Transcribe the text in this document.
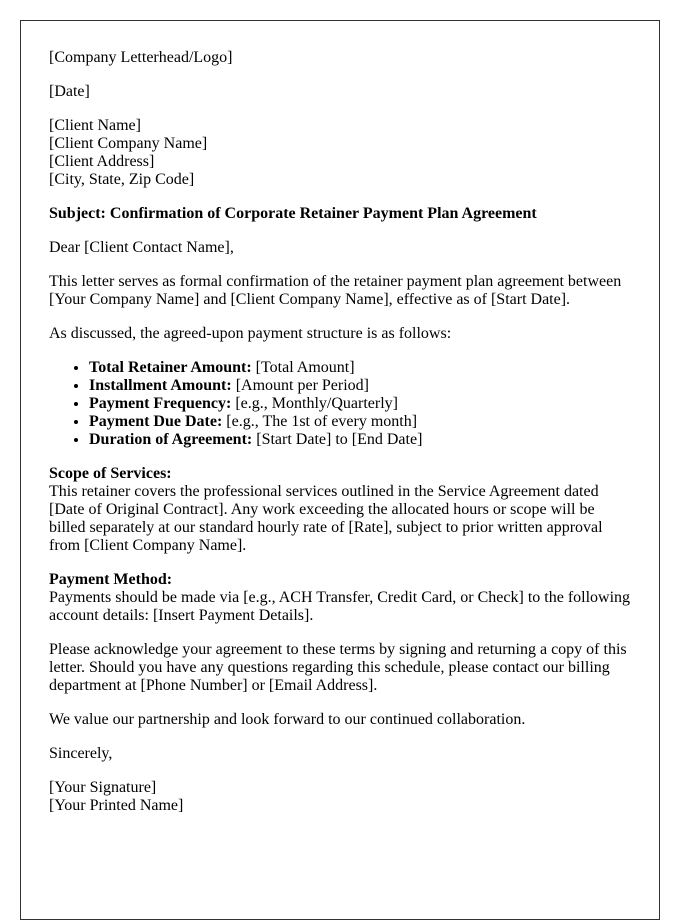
[Company Letterhead/Logo]

[Date]

[Client Name]
[Client Company Name]
[Client Address]
[City, State, Zip Code]

Subject: Confirmation of Corporate Retainer Payment Plan Agreement

Dear [Client Contact Name],

This letter serves as formal confirmation of the retainer payment plan agreement between [Your Company Name] and [Client Company Name], effective as of [Start Date].

As discussed, the agreed-upon payment structure is as follows:

• Total Retainer Amount: [Total Amount]
• Installment Amount: [Amount per Period]
• Payment Frequency: [e.g., Monthly/Quarterly]
• Payment Due Date: [e.g., The 1st of every month]
• Duration of Agreement: [Start Date] to [End Date]

Scope of Services:
This retainer covers the professional services outlined in the Service Agreement dated [Date of Original Contract]. Any work exceeding the allocated hours or scope will be billed separately at our standard hourly rate of [Rate], subject to prior written approval from [Client Company Name].

Payment Method:
Payments should be made via [e.g., ACH Transfer, Credit Card, or Check] to the following account details: [Insert Payment Details].

Please acknowledge your agreement to these terms by signing and returning a copy of this letter. Should you have any questions regarding this schedule, please contact our billing department at [Phone Number] or [Email Address].

We value our partnership and look forward to our continued collaboration.

Sincerely,

[Your Signature]
[Your Printed Name]
